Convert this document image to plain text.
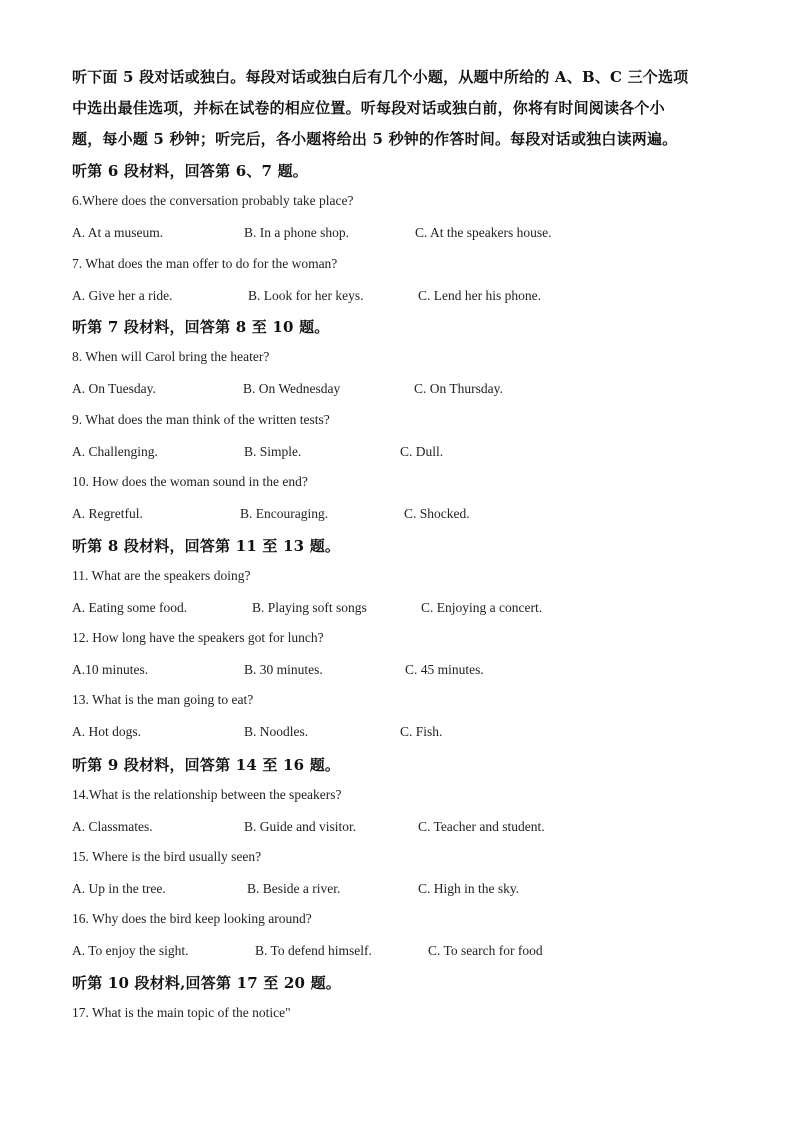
听下面 5 段对话或独白。每段对话或独白后有几个小题，从题中所给的 A、B、C 三个选项
中选出最佳选项，并标在试卷的相应位置。听每段对话或独白前，你将有时间阅读各个小
题，每小题 5 秒钟；听完后，各小题将给出 5 秒钟的作答时间。每段对话或独白读两遍。
听第 6 段材料，回答第 6、7 题。
6.Where does the conversation probably take place?
A. At a museum.	B. In a phone shop.	C. At the speakers house.
7. What does the man offer to do for the woman?
A. Give her a ride.	B. Look for her keys.	C. Lend her his phone.
听第 7 段材料，回答第 8 至 10 题。
8. When will Carol bring the heater?
A. On Tuesday.	B. On Wednesday	C. On Thursday.
9. What does the man think of the written tests?
A. Challenging.	B. Simple.	C. Dull.
10. How does the woman sound in the end?
A. Regretful.	B. Encouraging.	C. Shocked.
听第 8 段材料，回答第 11 至 13 题。
11. What are the speakers doing?
A. Eating some food.	B. Playing soft songs	C. Enjoying a concert.
12. How long have the speakers got for lunch?
A.10 minutes.	B. 30 minutes.	C. 45 minutes.
13. What is the man going to eat?
A. Hot dogs.	B. Noodles.	C. Fish.
听第 9 段材料，回答第 14 至 16 题。
14.What is the relationship between the speakers?
A. Classmates.	B. Guide and visitor.	C. Teacher and student.
15. Where is the bird usually seen?
A. Up in the tree.	B. Beside a river.	C. High in the sky.
16. Why does the bird keep looking around?
A. To enjoy the sight.	B. To defend himself.	C. To search for food
听第 10 段材料,回答第 17 至 20 题。
17. What is the main topic of the notice"
